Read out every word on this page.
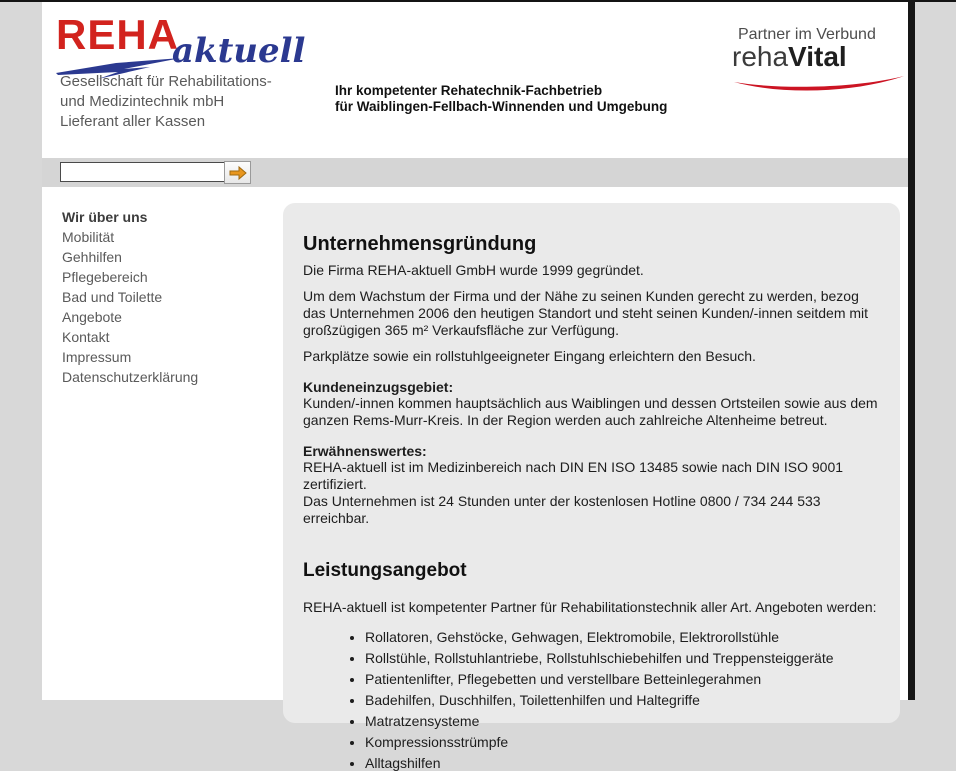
REHA
aktuell
Gesellschaft für Rehabilitations-
und Medizintechnik mbH
Lieferant aller Kassen
Ihr kompetenter Rehatechnik-Fachbetrieb
für Waiblingen-Fellbach-Winnenden und Umgebung
Partner im Verbund
rehaVital
Wir über uns
Mobilität
Gehhilfen
Pflegebereich
Bad und Toilette
Angebote
Kontakt
Impressum
Datenschutzerklärung
Unternehmensgründung

Die Firma REHA-aktuell GmbH wurde 1999 gegründet.

Um dem Wachstum der Firma und der Nähe zu seinen Kunden gerecht zu werden, bezog das Unternehmen 2006 den heutigen Standort und steht seinen Kunden/-innen seitdem mit großzügigen 365 m² Verkaufsfläche zur Verfügung.

Parkplätze sowie ein rollstuhlgeeigneter Eingang erleichtern den Besuch.

Kundeneinzugsgebiet:
Kunden/-innen kommen hauptsächlich aus Waiblingen und dessen Ortsteilen sowie aus dem ganzen Rems-Murr-Kreis. In der Region werden auch zahlreiche Altenheime betreut.
Erwähnenswertes:
REHA-aktuell ist im Medizinbereich nach DIN EN ISO 13485 sowie nach DIN ISO 9001 zertifiziert.
Das Unternehmen ist 24 Stunden unter der kostenlosen Hotline 0800 / 734 244 533 erreichbar.
Leistungsangebot

REHA-aktuell ist kompetenter Partner für Rehabilitationstechnik aller Art. Angeboten werden:

• Rollatoren, Gehstöcke, Gehwagen, Elektromobile, Elektrorollstühle
• Rollstühle, Rollstuhlantriebe, Rollstuhlschiebehilfen und Treppensteiggeräte
• Patientenlifter, Pflegebetten und verstellbare Betteinlegerahmen
• Badehilfen, Duschhilfen, Toilettenhilfen und Haltegriffe
• Matratzensysteme
• Kompressionsstrümpfe
• Alltagshilfen
